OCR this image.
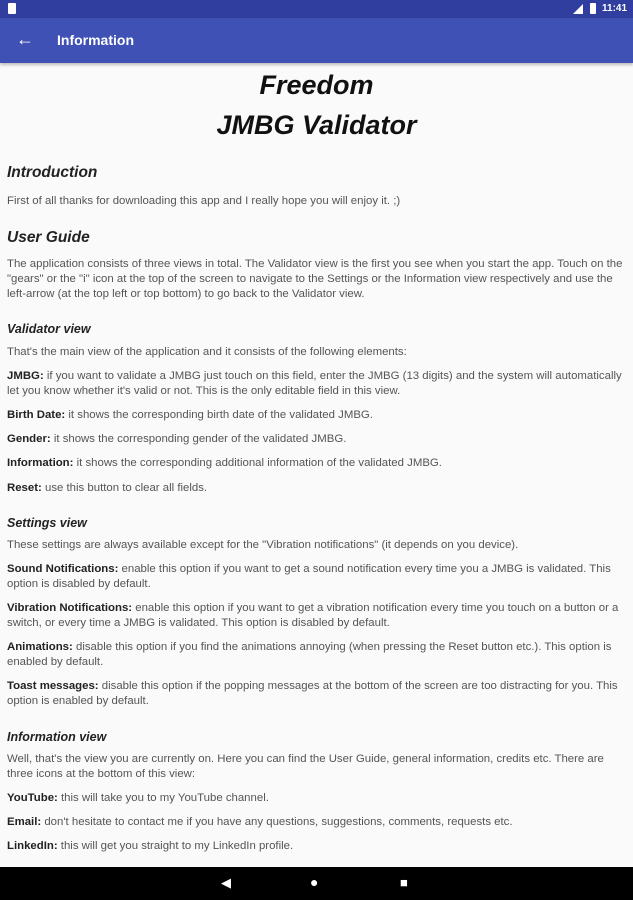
11:41
← Information
Freedom
JMBG Validator
Introduction
First of all thanks for downloading this app and I really hope you will enjoy it. ;)
User Guide
The application consists of three views in total. The Validator view is the first you see when you start the app. Touch on the "gears" or the "i" icon at the top of the screen to navigate to the Settings or the Information view respectively and use the left-arrow (at the top left or top bottom) to go back to the Validator view.
Validator view
That's the main view of the application and it consists of the following elements:
JMBG: if you want to validate a JMBG just touch on this field, enter the JMBG (13 digits) and the system will automatically let you know whether it's valid or not. This is the only editable field in this view.
Birth Date: it shows the corresponding birth date of the validated JMBG.
Gender: it shows the corresponding gender of the validated JMBG.
Information: it shows the corresponding additional information of the validated JMBG.
Reset: use this button to clear all fields.
Settings view
These settings are always available except for the "Vibration notifications" (it depends on you device).
Sound Notifications: enable this option if you want to get a sound notification every time you a JMBG is validated. This option is disabled by default.
Vibration Notifications: enable this option if you want to get a vibration notification every time you touch on a button or a switch, or every time a JMBG is validated. This option is disabled by default.
Animations: disable this option if you find the animations annoying (when pressing the Reset button etc.). This option is enabled by default.
Toast messages: disable this option if the popping messages at the bottom of the screen are too distracting for you. This option is enabled by default.
Information view
Well, that's the view you are currently on. Here you can find the User Guide, general information, credits etc. There are three icons at the bottom of this view:
YouTube: this will take you to my YouTube channel.
Email: don't hesitate to contact me if you have any questions, suggestions, comments, requests etc.
LinkedIn: this will get you straight to my LinkedIn profile.
◀	●	■
